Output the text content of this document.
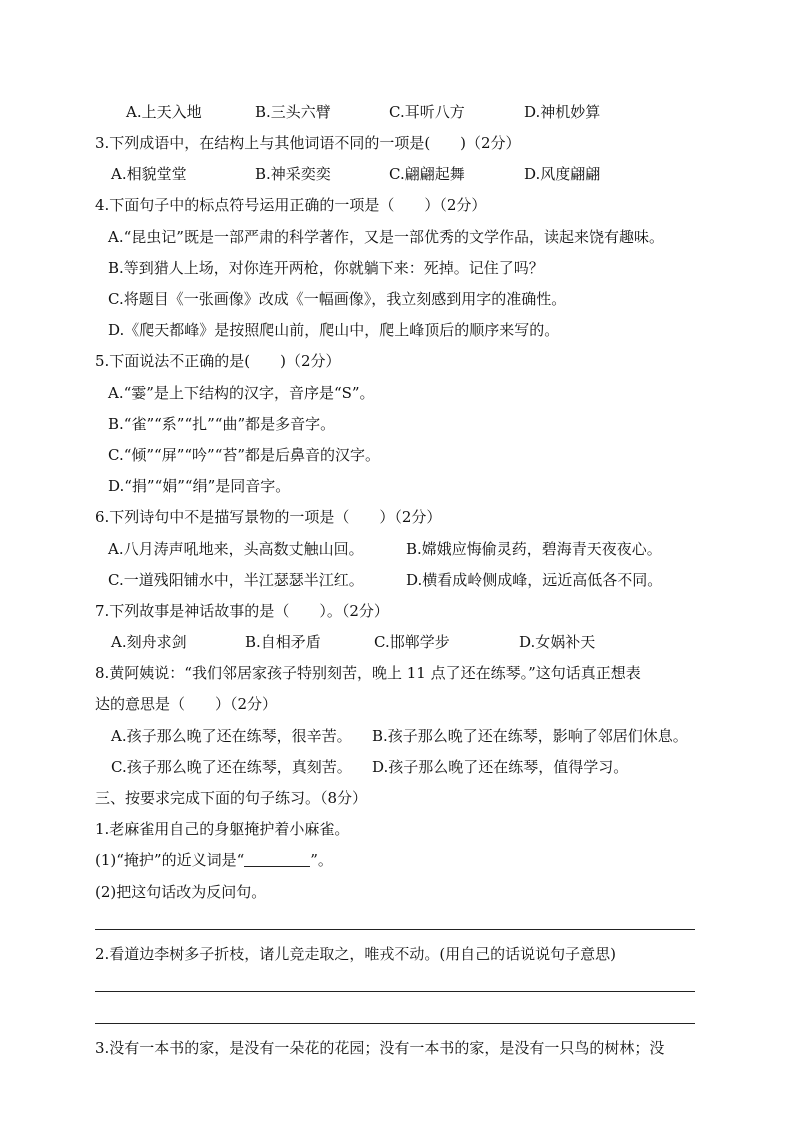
A.上天入地	B.三头六臂	C.耳听八方	D.神机妙算
3.下列成语中，在结构上与其他词语不同的一项是(　　)（2分）
A.相貌堂堂	B.神采奕奕	C.翩翩起舞	D.风度翩翩
4.下面句子中的标点符号运用正确的一项是（　　）（2分）
A.“昆虫记”既是一部严肃的科学著作，又是一部优秀的文学作品，读起来饶有趣味。
B.等到猎人上场，对你连开两枪，你就躺下来：死掉。记住了吗？
C.将题目《一张画像》改成《一幅画像》，我立刻感到用字的准确性。
D.《爬天都峰》是按照爬山前，爬山中，爬上峰顶后的顺序来写的。
5.下面说法不正确的是(　　)（2分）
A.“霎”是上下结构的汉字，音序是“S”。
B.“雀”“系”“扎”“曲”都是多音字。
C.“倾”“屏”“吟”“苔”都是后鼻音的汉字。
D.“捐”“娟”“绢”是同音字。
6.下列诗句中不是描写景物的一项是（　　）（2分）
A.八月涛声吼地来，头高数丈触山回。	B.嫦娥应悔偷灵药，碧海青天夜夜心。
C.一道残阳铺水中，半江瑟瑟半江红。	D.横看成岭侧成峰，远近高低各不同。
7.下列故事是神话故事的是（　　）。（2分）
A.刻舟求剑	B.自相矛盾	C.邯郸学步	D.女娲补天
8.黄阿姨说：“我们邻居家孩子特别刻苦，晚上 11 点了还在练琴。”这句话真正想表
达的意思是（　　）（2分）
A.孩子那么晚了还在练琴，很辛苦。 B.孩子那么晚了还在练琴，影响了邻居们休息。
C.孩子那么晚了还在练琴，真刻苦。 D.孩子那么晚了还在练琴，值得学习。
三、按要求完成下面的句子练习。（8分）
1.老麻雀用自己的身躯掩护着小麻雀。
(1)“掩护”的近义词是“	”。
(2)把这句话改为反问句。
2.看道边李树多子折枝，诸儿竞走取之，唯戎不动。(用自己的话说说句子意思)
3.没有一本书的家，是没有一朵花的花园；没有一本书的家，是没有一只鸟的树林；没
